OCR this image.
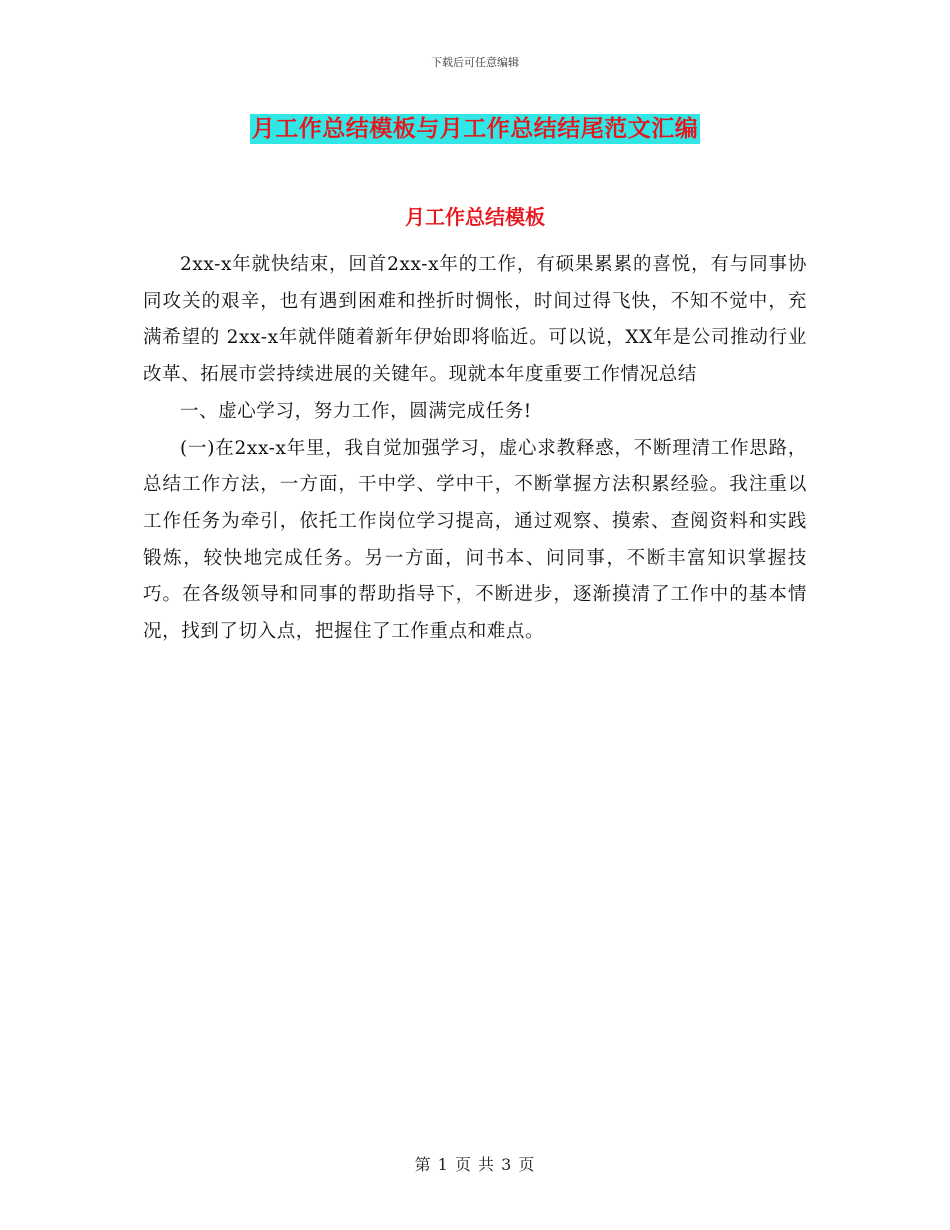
下载后可任意编辑
月工作总结模板与月工作总结结尾范文汇编
月工作总结模板

2xx-x年就快结束，回首2xx-x年的工作，有硕果累累的喜悦，有与同事协同攻关的艰辛，也有遇到困难和挫折时惆怅，时间过得飞快，不知不觉中，充满希望的 2xx-x年就伴随着新年伊始即将临近。可以说，XX年是公司推动行业改革、拓展市尝持续进展的关键年。现就本年度重要工作情况总结

一、虚心学习，努力工作，圆满完成任务!

(一)在2xx-x年里，我自觉加强学习，虚心求教释惑，不断理清工作思路，总结工作方法，一方面，干中学、学中干，不断掌握方法积累经验。我注重以工作任务为牵引，依托工作岗位学习提高，通过观察、摸索、查阅资料和实践锻炼，较快地完成任务。另一方面，问书本、问同事，不断丰富知识掌握技巧。在各级领导和同事的帮助指导下，不断进步，逐渐摸清了工作中的基本情况，找到了切入点，把握住了工作重点和难点。

第 1 页 共 3 页
